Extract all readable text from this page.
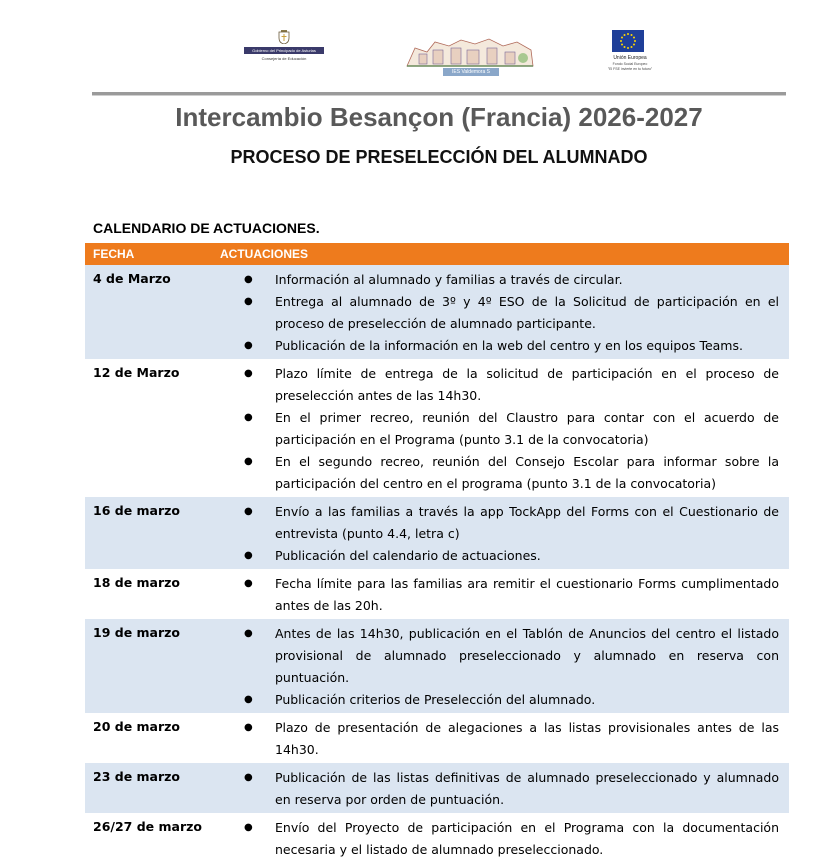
Gobierno del Principado de Asturias
Consejería de Educación
IES Valdemora S
Unión Europea
Fondo Social Europeo
"El FSE invierte en tu futuro"
Intercambio Besançon (Francia) 2026-2027
PROCESO DE PRESELECCIÓN DEL ALUMNADO
CALENDARIO DE ACTUACIONES.
FECHA	ACTUACIONES
4 de Marzo	● Información al alumnado y familias a través de circular.
● Entrega al alumnado de 3º y 4º ESO de la Solicitud de participación en el proceso de preselección de alumnado participante.
● Publicación de la información en la web del centro y en los equipos Teams.
12 de Marzo	● Plazo límite de entrega de la solicitud de participación en el proceso de preselección antes de las 14h30.
● En el primer recreo, reunión del Claustro para contar con el acuerdo de participación en el Programa (punto 3.1 de la convocatoria)
● En el segundo recreo, reunión del Consejo Escolar para informar sobre la participación del centro en el programa (punto 3.1 de la convocatoria)
16 de marzo	● Envío a las familias a través la app TockApp del Forms con el Cuestionario de entrevista (punto 4.4, letra c)
● Publicación del calendario de actuaciones.
18 de marzo	● Fecha límite para las familias ara remitir el cuestionario Forms cumplimentado antes de las 20h.
19 de marzo	● Antes de las 14h30, publicación en el Tablón de Anuncios del centro el listado provisional de alumnado preseleccionado y alumnado en reserva con puntuación.
● Publicación criterios de Preselección del alumnado.
20 de marzo	● Plazo de presentación de alegaciones a las listas provisionales antes de las 14h30.
23 de marzo	● Publicación de las listas definitivas de alumnado preseleccionado y alumnado en reserva por orden de puntuación.
26/27 de marzo	● Envío del Proyecto de participación en el Programa con la documentación necesaria y el listado de alumnado preseleccionado.
